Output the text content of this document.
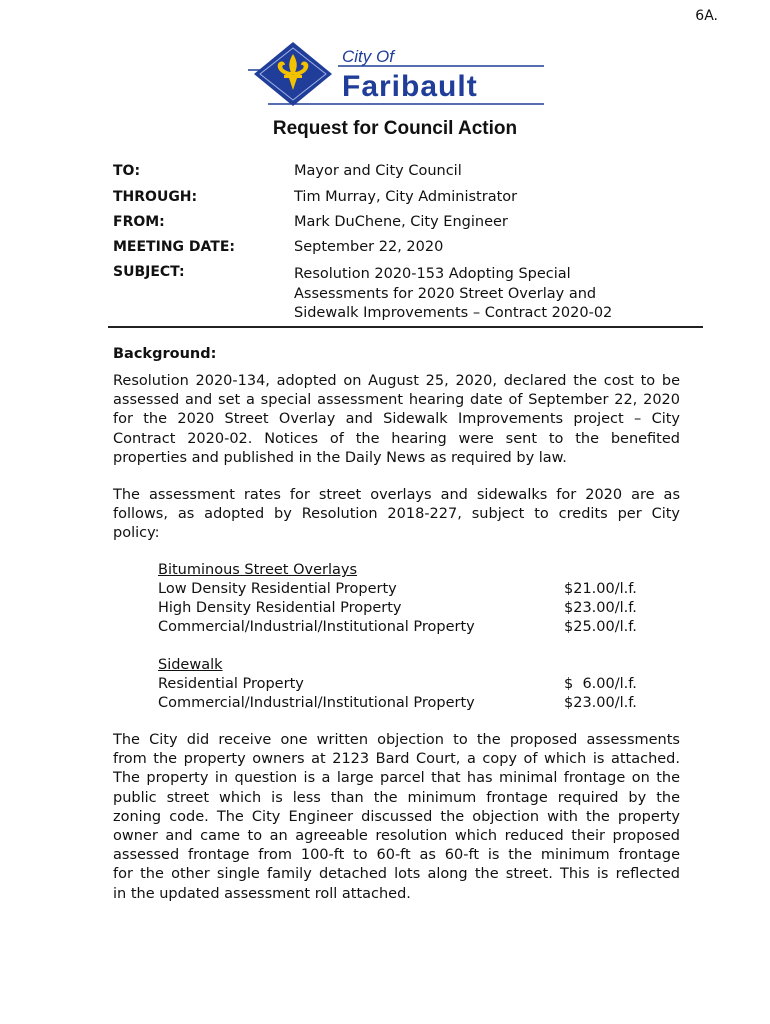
6A.
City Of
Faribault
Request for Council Action
TO:	Mayor and City Council
THROUGH:	Tim Murray, City Administrator
FROM:	Mark DuChene, City Engineer
MEETING DATE:	September 22, 2020
SUBJECT:	Resolution 2020-153 Adopting Special
Assessments for 2020 Street Overlay and
Sidewalk Improvements – Contract 2020-02
Background:
Resolution 2020-134, adopted on August 25, 2020, declared the cost to be
assessed and set a special assessment hearing date of September 22, 2020
for the 2020 Street Overlay and Sidewalk Improvements project – City
Contract 2020-02. Notices of the hearing were sent to the benefited
properties and published in the Daily News as required by law.
The assessment rates for street overlays and sidewalks for 2020 are as
follows, as adopted by Resolution 2018-227, subject to credits per City
policy:
Bituminous Street Overlays
Low Density Residential Property	$21.00/l.f.
High Density Residential Property	$23.00/l.f.
Commercial/Industrial/Institutional Property	$25.00/l.f.
Sidewalk
Residential Property	$  6.00/l.f.
Commercial/Industrial/Institutional Property	$23.00/l.f.
The City did receive one written objection to the proposed assessments
from the property owners at 2123 Bard Court, a copy of which is attached.
The property in question is a large parcel that has minimal frontage on the
public street which is less than the minimum frontage required by the
zoning code. The City Engineer discussed the objection with the property
owner and came to an agreeable resolution which reduced their proposed
assessed frontage from 100-ft to 60-ft as 60-ft is the minimum frontage
for the other single family detached lots along the street. This is reflected
in the updated assessment roll attached.
